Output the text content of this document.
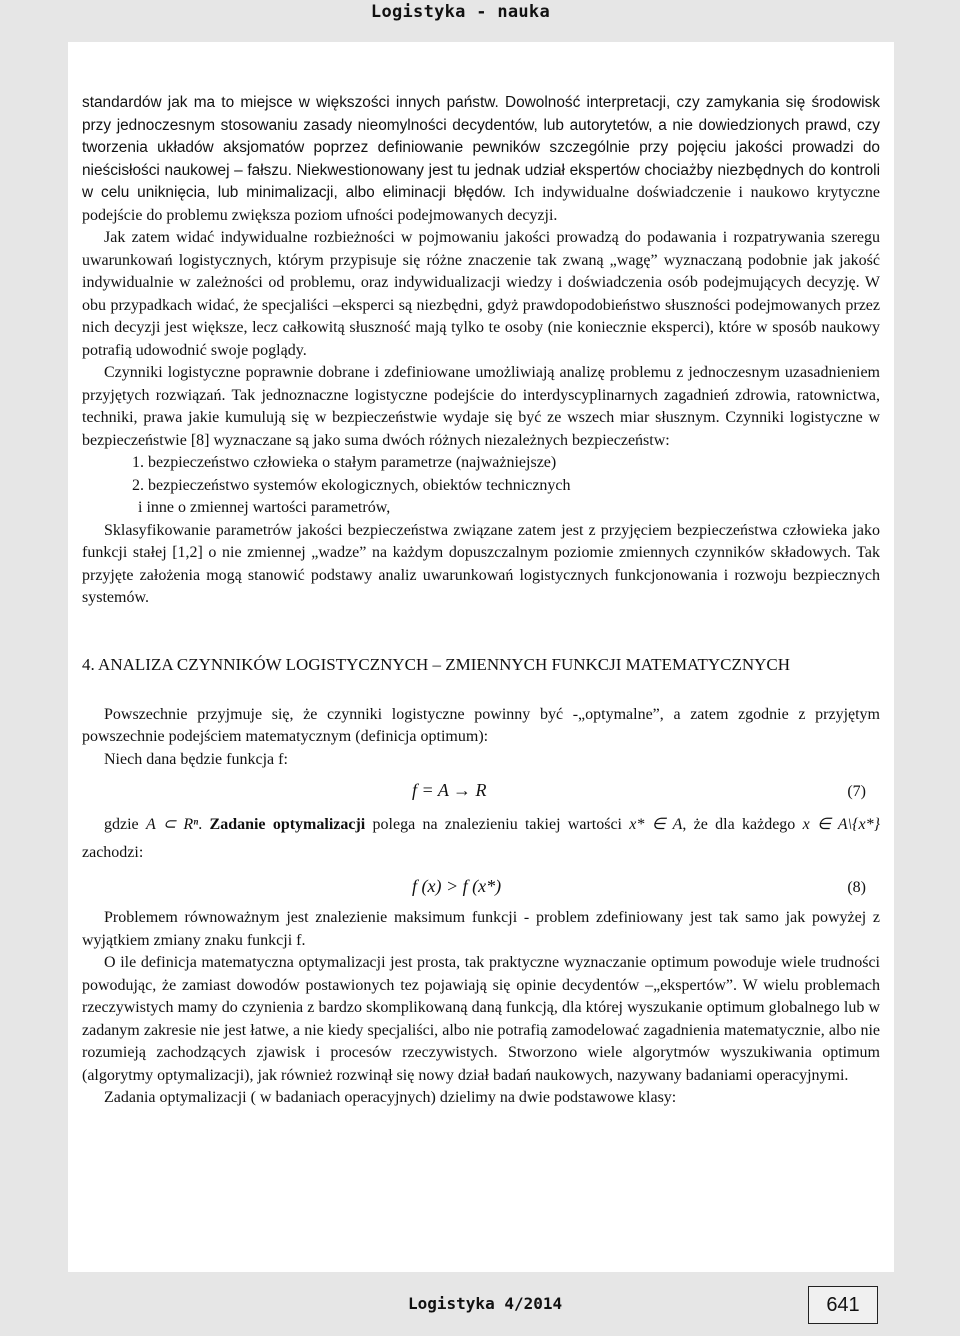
Logistyka - nauka

standardów jak ma to miejsce w większości innych państw. Dowolność interpretacji, czy zamykania się środowisk przy jednoczesnym stosowaniu zasady nieomylności decydentów, lub autorytetów, a nie dowiedzionych prawd, czy tworzenia układów aksjomatów poprzez definiowanie pewników szczególnie przy pojęciu jakości prowadzi do nieścisłości naukowej – fałszu. Niekwestionowany jest tu jednak udział ekspertów chociażby niezbędnych do kontroli w celu uniknięcia, lub minimalizacji, albo eliminacji błędów. Ich indywidualne doświadczenie i naukowo krytyczne podejście do problemu zwiększa poziom ufności podejmowanych decyzji.

Jak zatem widać indywidualne rozbieżności w pojmowaniu jakości prowadzą do podawania i rozpatrywania szeregu uwarunkowań logistycznych, którym przypisuje się różne znaczenie tak zwaną „wagę” wyznaczaną podobnie jak jakość indywidualnie w zależności od problemu, oraz indywidualizacji wiedzy i doświadczenia osób podejmujących decyzję. W obu przypadkach widać, że specjaliści –eksperci są niezbędni, gdyż prawdopodobieństwo słuszności podejmowanych przez nich decyzji jest większe, lecz całkowitą słuszność mają tylko te osoby (nie koniecznie eksperci), które w sposób naukowy potrafią udowodnić swoje poglądy.

Czynniki logistyczne poprawnie dobrane i zdefiniowane umożliwiają analizę problemu z jednoczesnym uzasadnieniem przyjętych rozwiązań. Tak jednoznaczne logistyczne podejście do interdyscyplinarnych zagadnień zdrowia, ratownictwa, techniki, prawa jakie kumulują się w bezpieczeństwie wydaje się być ze wszech miar słusznym. Czynniki logistyczne w bezpieczeństwie [8] wyznaczane są jako suma dwóch różnych niezależnych bezpieczeństw:

1. bezpieczeństwo człowieka o stałym parametrze (najważniejsze)

2. bezpieczeństwo systemów ekologicznych, obiektów technicznych

i inne o zmiennej wartości parametrów,

Sklasyfikowanie parametrów jakości bezpieczeństwa związane zatem jest z przyjęciem bezpieczeństwa człowieka jako funkcji stałej [1,2] o nie zmiennej „wadze” na każdym dopuszczalnym poziomie zmiennych czynników składowych. Tak przyjęte założenia mogą stanowić podstawy analiz uwarunkowań logistycznych funkcjonowania i rozwoju bezpiecznych systemów.

4. ANALIZA CZYNNIKÓW LOGISTYCZNYCH – ZMIENNYCH FUNKCJI MATEMATYCZNYCH

Powszechnie przyjmuje się, że czynniki logistyczne powinny być -„optymalne”, a zatem zgodnie z przyjętym powszechnie podejściem matematycznym (definicja optimum):

Niech dana będzie funkcja f:

f = A → R	(7)

gdzie A ⊂ Rⁿ. Zadanie optymalizacji polega na znalezieniu takiej wartości x* ∈ A, że dla każdego x ∈ A\{x*} zachodzi:

f (x) > f (x*)	(8)

Problemem równoważnym jest znalezienie maksimum funkcji - problem zdefiniowany jest tak samo jak powyżej z wyjątkiem zmiany znaku funkcji f.

O ile definicja matematyczna optymalizacji jest prosta, tak praktyczne wyznaczanie optimum powoduje wiele trudności powodując, że zamiast dowodów postawionych tez pojawiają się opinie decydentów –„ekspertów”. W wielu problemach rzeczywistych mamy do czynienia z bardzo skomplikowaną daną funkcją, dla której wyszukanie optimum globalnego lub w zadanym zakresie nie jest łatwe, a nie kiedy specjaliści, albo nie potrafią zamodelować zagadnienia matematycznie, albo nie rozumieją zachodzących zjawisk i procesów rzeczywistych. Stworzono wiele algorytmów wyszukiwania optimum (algorytmy optymalizacji), jak również rozwinął się nowy dział badań naukowych, nazywany badaniami operacyjnymi.

Zadania optymalizacji ( w badaniach operacyjnych) dzielimy na dwie podstawowe klasy:

Logistyka 4/2014	641
